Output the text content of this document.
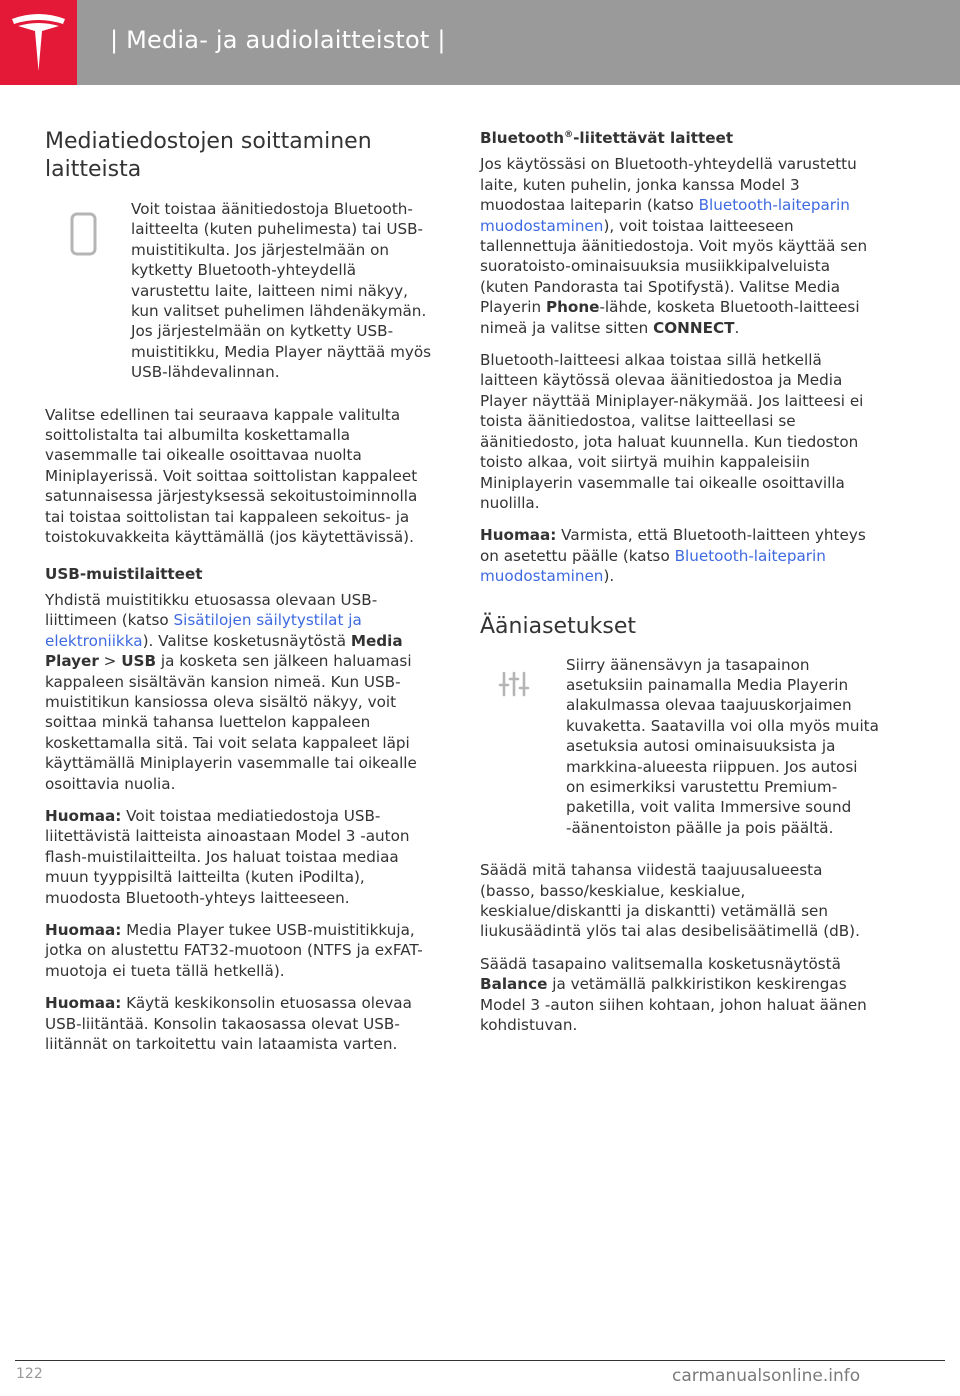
| Media- ja audiolaitteistot |
Mediatiedostojen soittaminen laitteista

Voit toistaa äänitiedostoja Bluetooth-laitteelta (kuten puhelimesta) tai USB-muistitikulta. Jos järjestelmään on kytketty Bluetooth-yhteydellä varustettu laite, laitteen nimi näkyy, kun valitset puhelimen lähdenäkymän. Jos järjestelmään on kytketty USB-muistitikku, Media Player näyttää myös USB-lähdevalinnan.

Valitse edellinen tai seuraava kappale valitulta soittolistalta tai albumilta koskettamalla vasemmalle tai oikealle osoittavaa nuolta Miniplayerissä. Voit soittaa soittolistan kappaleet satunnaisessa järjestyksessä sekoitustoiminnolla tai toistaa soittolistan tai kappaleen sekoitus- ja toistokuvakkeita käyttämällä (jos käytettävissä).

USB-muistilaitteet

Yhdistä muistitikku etuosassa olevaan USB-liittimeen (katso Sisätilojen säilytystilat ja elektroniikka). Valitse kosketusnäytöstä Media Player > USB ja kosketa sen jälkeen haluamasi kappaleen sisältävän kansion nimeä. Kun USB-muistitikun kansiossa oleva sisältö näkyy, voit soittaa minkä tahansa luettelon kappaleen koskettamalla sitä. Tai voit selata kappaleet läpi käyttämällä Miniplayerin vasemmalle tai oikealle osoittavia nuolia.

Huomaa: Voit toistaa mediatiedostoja USB-liitettävistä laitteista ainoastaan Model 3 -auton flash-muistilaitteilta. Jos haluat toistaa mediaa muun tyyppisiltä laitteilta (kuten iPodilta), muodosta Bluetooth-yhteys laitteeseen.

Huomaa: Media Player tukee USB-muistitikkuja, jotka on alustettu FAT32-muotoon (NTFS ja exFAT-muotoja ei tueta tällä hetkellä).

Huomaa: Käytä keskikonsolin etuosassa olevaa USB-liitäntää. Konsolin takaosassa olevat USB-liitännät on tarkoitettu vain lataamista varten.

Bluetooth®-liitettävät laitteet

Jos käytössäsi on Bluetooth-yhteydellä varustettu laite, kuten puhelin, jonka kanssa Model 3 muodostaa laiteparin (katso Bluetooth-laiteparin muodostaminen), voit toistaa laitteeseen tallennettuja äänitiedostoja. Voit myös käyttää sen suoratoisto-ominaisuuksia musiikkipalveluista (kuten Pandorasta tai Spotifystä). Valitse Media Playerin Phone-lähde, kosketa Bluetooth-laitteesi nimeä ja valitse sitten CONNECT.

Bluetooth-laitteesi alkaa toistaa sillä hetkellä laitteen käytössä olevaa äänitiedostoa ja Media Player näyttää Miniplayer-näkymää. Jos laitteesi ei toista äänitiedostoa, valitse laitteellasi se äänitiedosto, jota haluat kuunnella. Kun tiedoston toisto alkaa, voit siirtyä muihin kappaleisiin Miniplayerin vasemmalle tai oikealle osoittavilla nuolilla.

Huomaa: Varmista, että Bluetooth-laitteen yhteys on asetettu päälle (katso Bluetooth-laiteparin muodostaminen).

Ääniasetukset

Siirry äänensävyn ja tasapainon asetuksiin painamalla Media Playerin alakulmassa olevaa taajuuskorjaimen kuvaketta. Saatavilla voi olla myös muita asetuksia autosi ominaisuuksista ja markkina-alueesta riippuen. Jos autosi on esimerkiksi varustettu Premium-paketilla, voit valita Immersive sound -äänentoiston päälle ja pois päältä.

Säädä mitä tahansa viidestä taajuusalueesta (basso, basso/keskialue, keskialue, keskialue/diskantti ja diskantti) vetämällä sen liukusäädintä ylös tai alas desibelisäätimellä (dB).

Säädä tasapaino valitsemalla kosketusnäytöstä Balance ja vetämällä palkkiristikon keskirengas Model 3 -auton siihen kohtaan, johon haluat äänen kohdistuvan.

122	carmanualsonline.info
